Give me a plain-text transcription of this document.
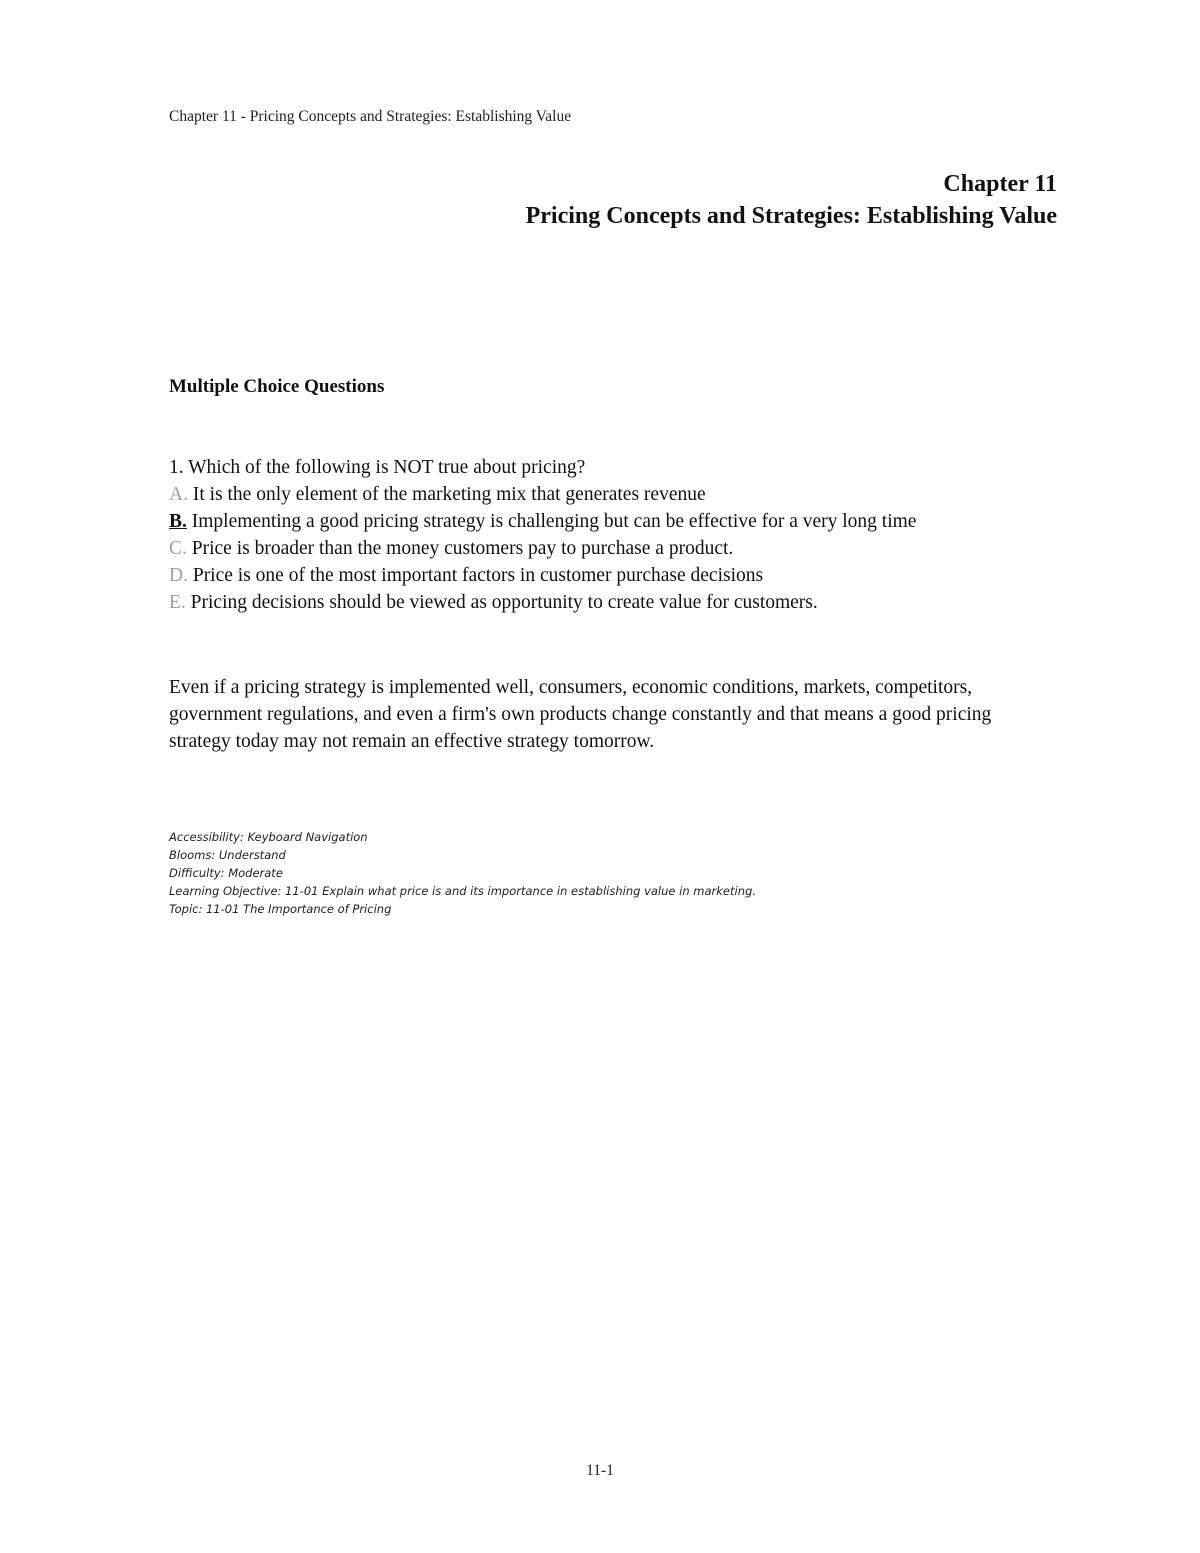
Chapter 11 - Pricing Concepts and Strategies: Establishing Value
Chapter 11
Pricing Concepts and Strategies: Establishing Value
Multiple Choice Questions

1. Which of the following is NOT true about pricing?

A. It is the only element of the marketing mix that generates revenue

B. Implementing a good pricing strategy is challenging but can be effective for a very long time

C. Price is broader than the money customers pay to purchase a product.

D. Price is one of the most important factors in customer purchase decisions

E. Pricing decisions should be viewed as opportunity to create value for customers.

Even if a pricing strategy is implemented well, consumers, economic conditions, markets, competitors, government regulations, and even a firm's own products change constantly and that means a good pricing strategy today may not remain an effective strategy tomorrow.

Accessibility: Keyboard Navigation
Blooms: Understand
Difficulty: Moderate
Learning Objective: 11-01 Explain what price is and its importance in establishing value in marketing.
Topic: 11-01 The Importance of Pricing
11-1
